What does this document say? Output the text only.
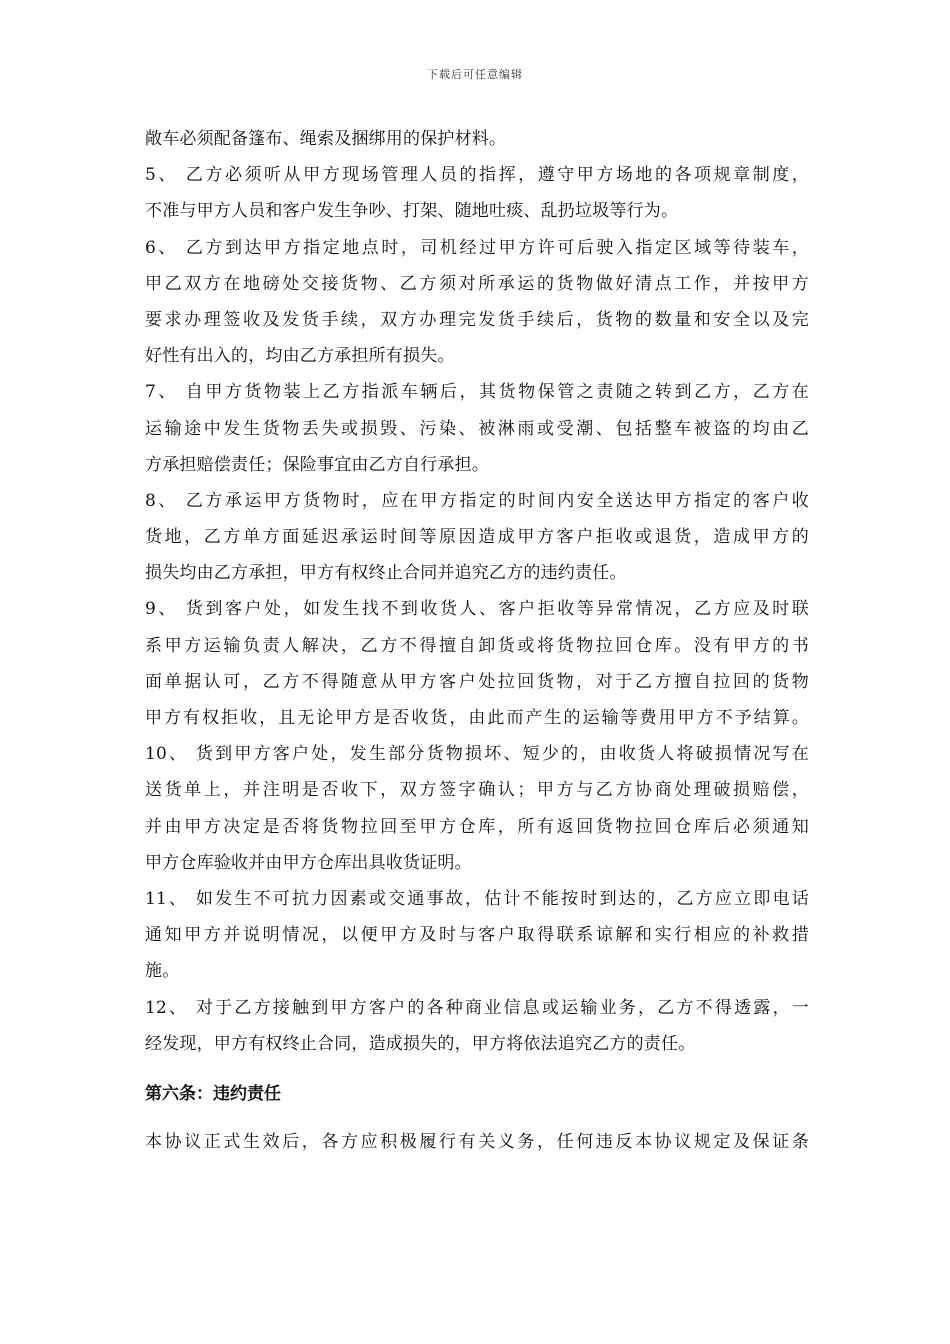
下载后可任意编辑
敞车必须配备篷布、绳索及捆绑用的保护材料。
5、 乙方必须听从甲方现场管理人员的指挥，遵守甲方场地的各项规章制度，
不准与甲方人员和客户发生争吵、打架、随地吐痰、乱扔垃圾等行为。
6、 乙方到达甲方指定地点时，司机经过甲方许可后驶入指定区域等待装车，
甲乙双方在地磅处交接货物、乙方须对所承运的货物做好清点工作，并按甲方
要求办理签收及发货手续，双方办理完发货手续后，货物的数量和安全以及完
好性有出入的，均由乙方承担所有损失。
7、 自甲方货物装上乙方指派车辆后，其货物保管之责随之转到乙方，乙方在
运输途中发生货物丢失或损毁、污染、被淋雨或受潮、包括整车被盗的均由乙
方承担赔偿责任；保险事宜由乙方自行承担。
8、 乙方承运甲方货物时，应在甲方指定的时间内安全送达甲方指定的客户收
货地，乙方单方面延迟承运时间等原因造成甲方客户拒收或退货，造成甲方的
损失均由乙方承担，甲方有权终止合同并追究乙方的违约责任。
9、 货到客户处，如发生找不到收货人、客户拒收等异常情况，乙方应及时联
系甲方运输负责人解决，乙方不得擅自卸货或将货物拉回仓库。没有甲方的书
面单据认可，乙方不得随意从甲方客户处拉回货物，对于乙方擅自拉回的货物
甲方有权拒收，且无论甲方是否收货，由此而产生的运输等费用甲方不予结算。
10、 货到甲方客户处，发生部分货物损坏、短少的，由收货人将破损情况写在
送货单上，并注明是否收下，双方签字确认；甲方与乙方协商处理破损赔偿，
并由甲方决定是否将货物拉回至甲方仓库，所有返回货物拉回仓库后必须通知
甲方仓库验收并由甲方仓库出具收货证明。
11、 如发生不可抗力因素或交通事故，估计不能按时到达的，乙方应立即电话
通知甲方并说明情况，以便甲方及时与客户取得联系谅解和实行相应的补救措
施。
12、 对于乙方接触到甲方客户的各种商业信息或运输业务，乙方不得透露，一
经发现，甲方有权终止合同，造成损失的，甲方将依法追究乙方的责任。
第六条：违约责任
本协议正式生效后，各方应积极履行有关义务，任何违反本协议规定及保证条
